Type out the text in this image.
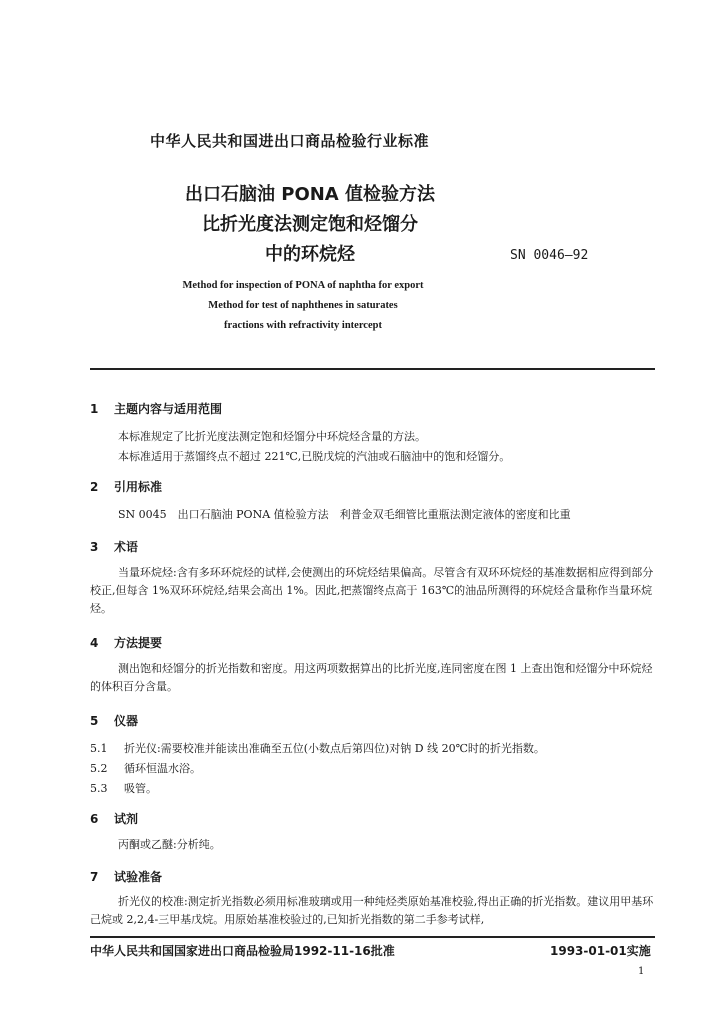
中华人民共和国进出口商品检验行业标准
出口石脑油 PONA 值检验方法
比折光度法测定饱和烃馏分
中的环烷烃	SN 0046—92
Method for inspection of PONA of naphtha for export
Method for test of naphthenes in saturates
fractions with refractivity intercept
1 主题内容与适用范围
本标准规定了比折光度法测定饱和烃馏分中环烷烃含量的方法。
本标准适用于蒸馏终点不超过 221℃,已脱戊烷的汽油或石脑油中的饱和烃馏分。
2 引用标准
SN 0045　出口石脑油 PONA 值检验方法　利普金双毛细管比重瓶法测定液体的密度和比重
3 术语
当量环烷烃:含有多环环烷烃的试样,会使测出的环烷烃结果偏高。尽管含有双环环烷烃的基准数据相应得到部分校正,但每含 1%双环环烷烃,结果会高出 1%。因此,把蒸馏终点高于 163℃的油品所测得的环烷烃含量称作当量环烷烃。
4 方法提要
测出饱和烃馏分的折光指数和密度。用这两项数据算出的比折光度,连同密度在图 1 上查出饱和烃馏分中环烷烃的体积百分含量。
5 仪器
5.1 折光仪:需要校准并能读出准确至五位(小数点后第四位)对钠 D 线 20℃时的折光指数。
5.2 循环恒温水浴。
5.3 吸管。
6 试剂
丙酮或乙醚:分析纯。
7 试验准备
折光仪的校准:测定折光指数必须用标准玻璃或用一种纯烃类原始基准校验,得出正确的折光指数。建议用甲基环己烷或 2,2,4-三甲基戊烷。用原始基准校验过的,已知折光指数的第二手参考试样,
中华人民共和国国家进出口商品检验局1992-11-16批准	1993-01-01实施
1
